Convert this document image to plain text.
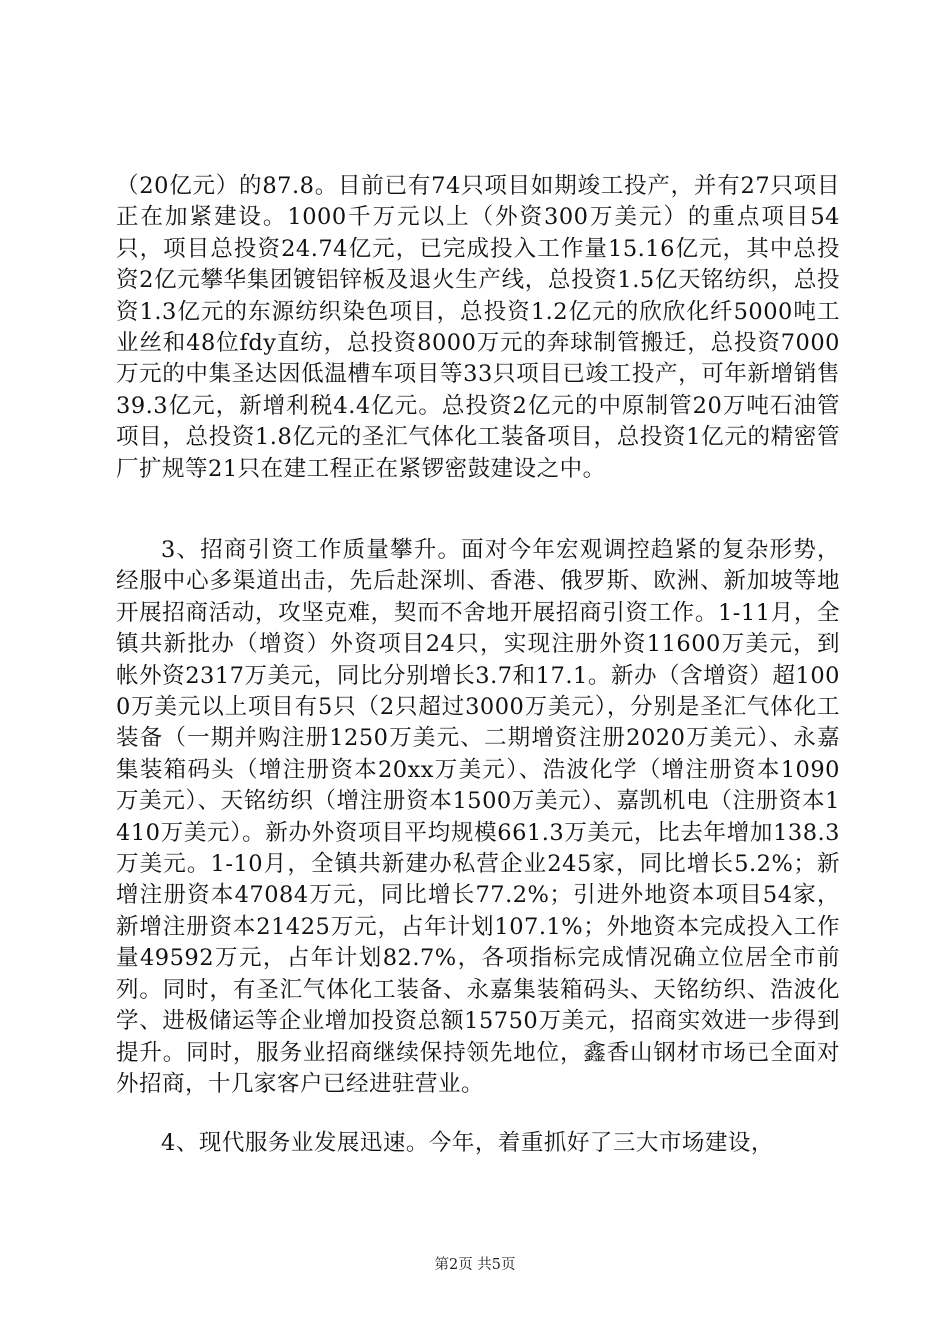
（20亿元）的87.8。目前已有74只项目如期竣工投产，并有27只项目正在加紧建设。1000千万元以上（外资300万美元）的重点项目54只，项目总投资24.74亿元，已完成投入工作量15.16亿元，其中总投资2亿元攀华集团镀铝锌板及退火生产线，总投资1.5亿天铭纺织，总投资1.3亿元的东源纺织染色项目，总投资1.2亿元的欣欣化纤5000吨工业丝和48位fdy直纺，总投资8000万元的奔球制管搬迁，总投资7000万元的中集圣达因低温槽车项目等33只项目已竣工投产，可年新增销售39.3亿元，新增利税4.4亿元。总投资2亿元的中原制管20万吨石油管项目，总投资1.8亿元的圣汇气体化工装备项目，总投资1亿元的精密管厂扩规等21只在建工程正在紧锣密鼓建设之中。

3、招商引资工作质量攀升。面对今年宏观调控趋紧的复杂形势，经服中心多渠道出击，先后赴深圳、香港、俄罗斯、欧洲、新加坡等地开展招商活动，攻坚克难，契而不舍地开展招商引资工作。1-11月，全镇共新批办（增资）外资项目24只，实现注册外资11600万美元，到帐外资2317万美元，同比分别增长3.7和17.1。新办（含增资）超1000万美元以上项目有5只（2只超过3000万美元），分别是圣汇气体化工装备（一期并购注册1250万美元、二期增资注册2020万美元）、永嘉集装箱码头（增注册资本20xx万美元）、浩波化学（增注册资本1090万美元）、天铭纺织（增注册资本1500万美元）、嘉凯机电（注册资本1410万美元）。新办外资项目平均规模661.3万美元，比去年增加138.3万美元。1-10月，全镇共新建办私营企业245家，同比增长5.2%；新增注册资本47084万元，同比增长77.2%；引进外地资本项目54家，新增注册资本21425万元，占年计划107.1%；外地资本完成投入工作量49592万元，占年计划82.7%，各项指标完成情况确立位居全市前列。同时，有圣汇气体化工装备、永嘉集装箱码头、天铭纺织、浩波化学、进极储运等企业增加投资总额15750万美元，招商实效进一步得到提升。同时，服务业招商继续保持领先地位，鑫香山钢材市场已全面对外招商，十几家客户已经进驻营业。

4、现代服务业发展迅速。今年，着重抓好了三大市场建设，

第2页 共5页
